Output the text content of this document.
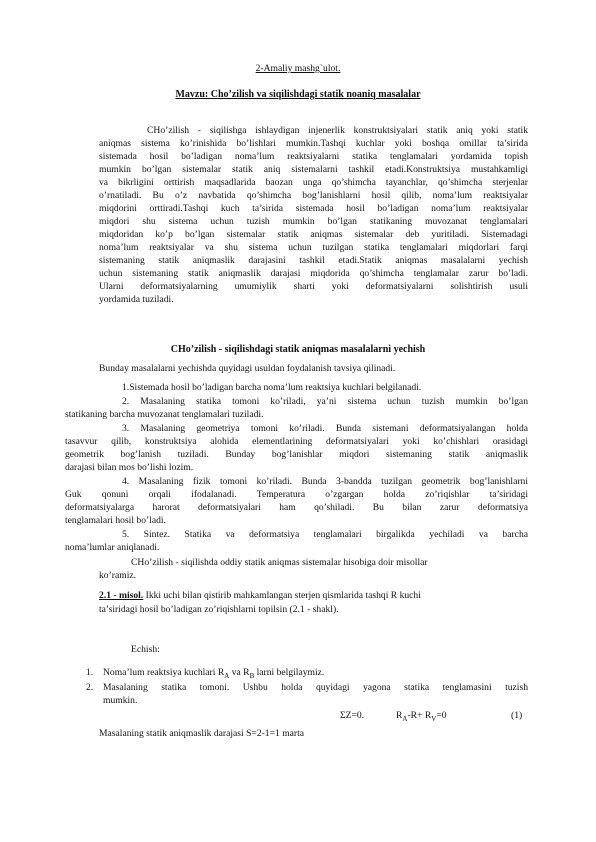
2-Amaliy mashg`ulot.
Mavzu: Cho’zilish va siqilishdagi statik noaniq masalalar
CHo’zilish - siqilishga ishlaydigan injenerlik konstruktsiyalari statik aniq yoki statik
aniqmas sistema ko’rinishida bo’lishlari mumkin.Tashqi kuchlar yoki boshqa omillar ta’sirida
sistemada hosil bo’ladigan noma’lum reaktsiyalarni statika tenglamalari yordamida topish
mumkin bo’lgan sistemalar statik aniq sistemalarni tashkil etadi.Konstruktsiya mustahkamligi
va bikrligini orttirish maqsadlarida baozan unga qo’shimcha tayanchlar, qo’shimcha sterjenlar
o’rnatiladi. Bu o’z navbatida qo’shimcha bog’lanishlarni hosil qilib, noma’lum reaktsiyalar
miqdorini orttiradi.Tashqi kuch ta’sirida sistemada hosil bo’ladigan noma’lum reaktsiyalar
miqdori shu sistema uchun tuzish mumkin bo’lgan statikaning muvozanat tenglamalari
miqdoridan ko’p bo’lgan sistemalar statik aniqmas sistemalar deb yuritiladi. Sistemadagi
noma’lum reaktsiyalar va shu sistema uchun tuzilgan statika tenglamalari miqdorlari farqi
sistemaning statik aniqmaslik darajasini tashkil etadi.Statik aniqmas masalalarni yechish
uchun sistemaning statik aniqmaslik darajasi miqdorida qo’shimcha tenglamalar zarur bo’ladi.
Ularni deformatsiyalarning umumiylik sharti yoki deformatsiyalarni solishtirish usuli
yordamida tuziladi.
CHo’zilish - siqilishdagi statik aniqmas masalalarni yechish
Bunday masalalarni yechishda quyidagi usuldan foydalanish tavsiya qilinadi.
1.Sistemada hosil bo’ladigan barcha noma’lum reaktsiya kuchlari belgilanadi.
2. Masalaning statika tomoni ko’riladi, ya’ni sistema uchun tuzish mumkin bo’lgan
statikaning barcha muvozanat tenglamalari tuziladi.
3. Masalaning geometriya tomoni ko’riladi. Bunda sistemani deformatsiyalangan holda
tasavvur qilib, konstruktsiya alohida elementlarining deformatsiyalari yoki ko’chishlari orasidagi
geometrik bog’lanish tuziladi. Bunday bog’lanishlar miqdori sistemaning statik aniqmaslik
darajasi bilan mos bo’lishi lozim.
4. Masalaning fizik tomoni ko’riladi. Bunda 3-bandda tuzilgan geometrik bog’lanishlarni
Guk qonuni orqali ifodalanadi. Temperatura o’zgargan holda zo’riqishlar ta’siridagi
deformatsiyalarga harorat deformatsiyalari ham qo’shiladi. Bu bilan zarur deformatsiya
tenglamalari hosil bo’ladi.
5. Sintez. Statika va deformatsiya tenglamalari birgalikda yechiladi va barcha
noma’lumlar aniqlanadi.
CHo’zilish - siqilishda oddiy statik aniqmas sistemalar hisobiga doir misollar
ko’ramiz.
2.1 - misol. Ikki uchi bilan qistirib mahkamlangan sterjen qismlarida tashqi R kuchi
ta’siridagi hosil bo’ladigan zo’riqishlarni topilsin (2.1 - shakl).
Echish:
1. Noma’lum reaktsiya kuchlari $R_A$ va $R_B$ larni belgilaymiz.
2. Masalaning statika tomoni. Ushbu holda quyidagi yagona statika tenglamasini tuzish
mumkin.
ΣZ=0.	$R_A-R+ R_V=0$	(1)
Masalaning statik aniqmaslik darajasi S=2-1=1 marta
